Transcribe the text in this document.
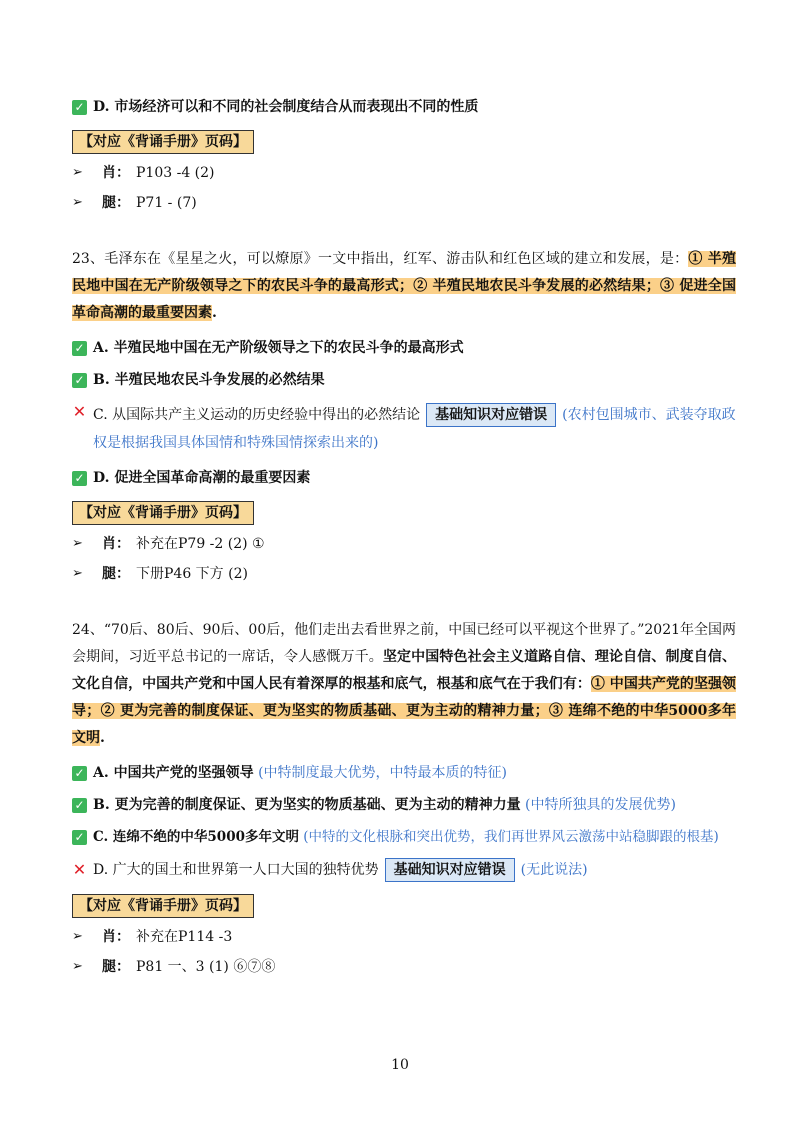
✓ D. 市场经济可以和不同的社会制度结合从而表现出不同的性质
【对应《背诵手册》页码】
➢	肖： P103 -4 (2)
➢	腿： P71 - (7)

23、毛泽东在《星星之火，可以燎原》一文中指出，红军、游击队和红色区域的建立和发展，是：① 半殖民地中国在无产阶级领导之下的农民斗争的最高形式；② 半殖民地农民斗争发展的必然结果；③ 促进全国革命高潮的最重要因素.

✓ A. 半殖民地中国在无产阶级领导之下的农民斗争的最高形式
✓ B. 半殖民地农民斗争发展的必然结果
✕ C. 从国际共产主义运动的历史经验中得出的必然结论 基础知识对应错误 (农村包围城市、武装夺取政权是根据我国具体国情和特殊国情探索出来的)
✓ D. 促进全国革命高潮的最重要因素
【对应《背诵手册》页码】
➢	肖： 补充在P79 -2 (2) ①
➢	腿： 下册P46 下方 (2)

24、“70后、80后、90后、00后，他们走出去看世界之前，中国已经可以平视这个世界了。”2021年全国两会期间，习近平总书记的一席话，令人感慨万千。坚定中国特色社会主义道路自信、理论自信、制度自信、文化自信，中国共产党和中国人民有着深厚的根基和底气，根基和底气在于我们有：① 中国共产党的坚强领导；② 更为完善的制度保证、更为坚实的物质基础、更为主动的精神力量；③ 连绵不绝的中华5000多年文明.

✓ A. 中国共产党的坚强领导 (中特制度最大优势，中特最本质的特征)
✓ B. 更为完善的制度保证、更为坚实的物质基础、更为主动的精神力量 (中特所独具的发展优势)
✓ C. 连绵不绝的中华5000多年文明 (中特的文化根脉和突出优势，我们再世界风云激荡中站稳脚跟的根基)
✕ D. 广大的国土和世界第一人口大国的独特优势 基础知识对应错误 (无此说法)
【对应《背诵手册》页码】
➢	肖： 补充在P114 -3
➢	腿： P81 一、3 (1) ⑥⑦⑧
10
